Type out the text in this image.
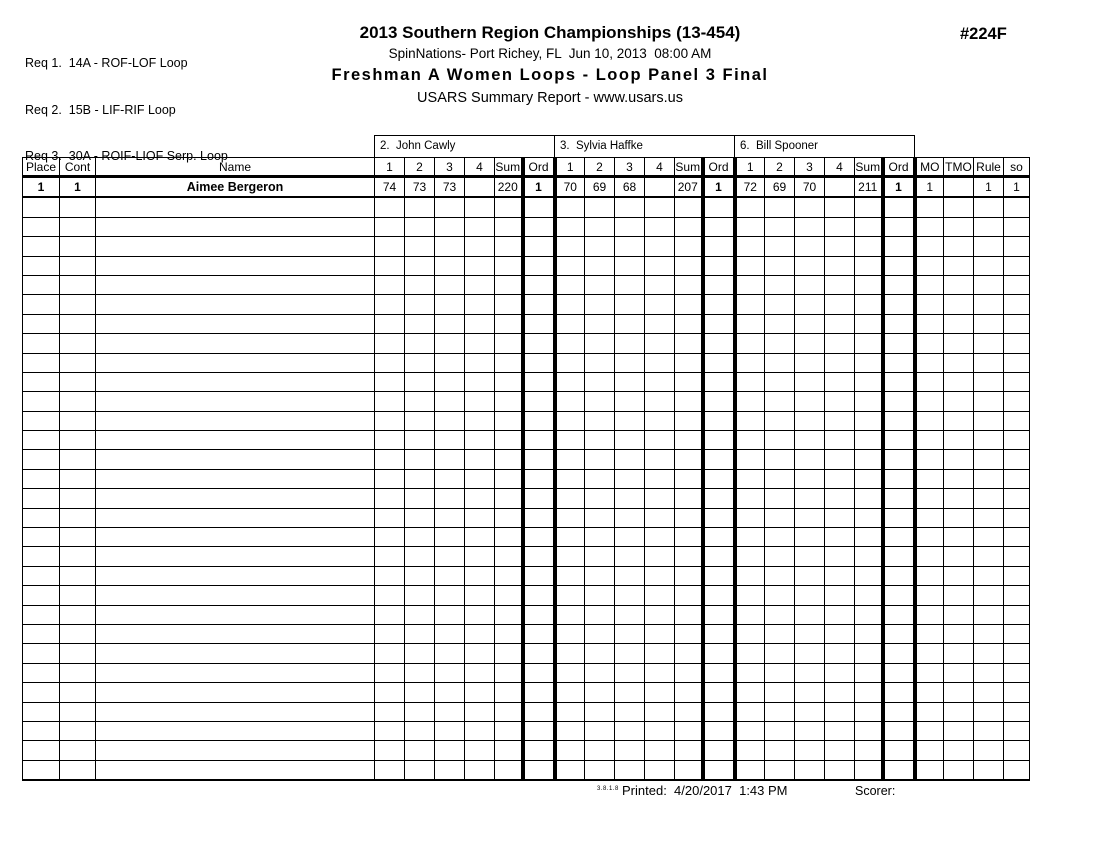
Req 1.  14A - ROF-LOF Loop

Req 2.  15B - LIF-RIF Loop

Req 3.  30A - ROIF-LIOF Serp. Loop

2013 Southern Region Championships (13-454)
SpinNations- Port Richey, FL  Jun 10, 2013  08:00 AM
Freshman A Women Loops - Loop Panel 3 Final
USARS Summary Report - www.usars.us
#224F
			2.  John Cawly						3.  Sylvia Haffke						6.  Bill Spooner									
Place	Cont	Name	1	2	3	4	Sum	Ord	1	2	3	4	Sum	Ord	1	2	3	4	Sum	Ord	MO	TMO	Rule	so
1	1	Aimee Bergeron	74	73	73		220	1	70	69	68		207	1	72	69	70		211	1	1		1	1

3.8.1.8 Printed:  4/20/2017  1:43 PM	Scorer:
